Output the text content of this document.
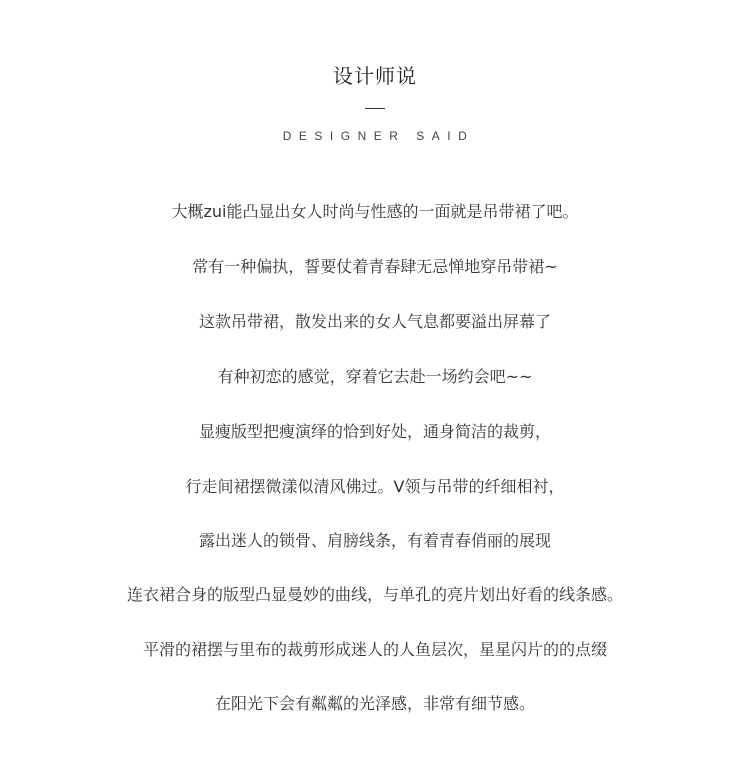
设计师说
DESIGNER SAID
大概zui能凸显出女人时尚与性感的一面就是吊带裙了吧。
常有一种偏执，誓要仗着青春肆无忌惮地穿吊带裙~
这款吊带裙，散发出来的女人气息都要溢出屏幕了
有种初恋的感觉，穿着它去赴一场约会吧~~
显瘦版型把瘦演绎的恰到好处，通身简洁的裁剪，
行走间裙摆微漾似清风佛过。V领与吊带的纤细相衬，
露出迷人的锁骨、肩膀线条，有着青春俏丽的展现
连衣裙合身的版型凸显曼妙的曲线，与单孔的亮片划出好看的线条感。
平滑的裙摆与里布的裁剪形成迷人的人鱼层次，星星闪片的的点缀
在阳光下会有粼粼的光泽感，非常有细节感。
